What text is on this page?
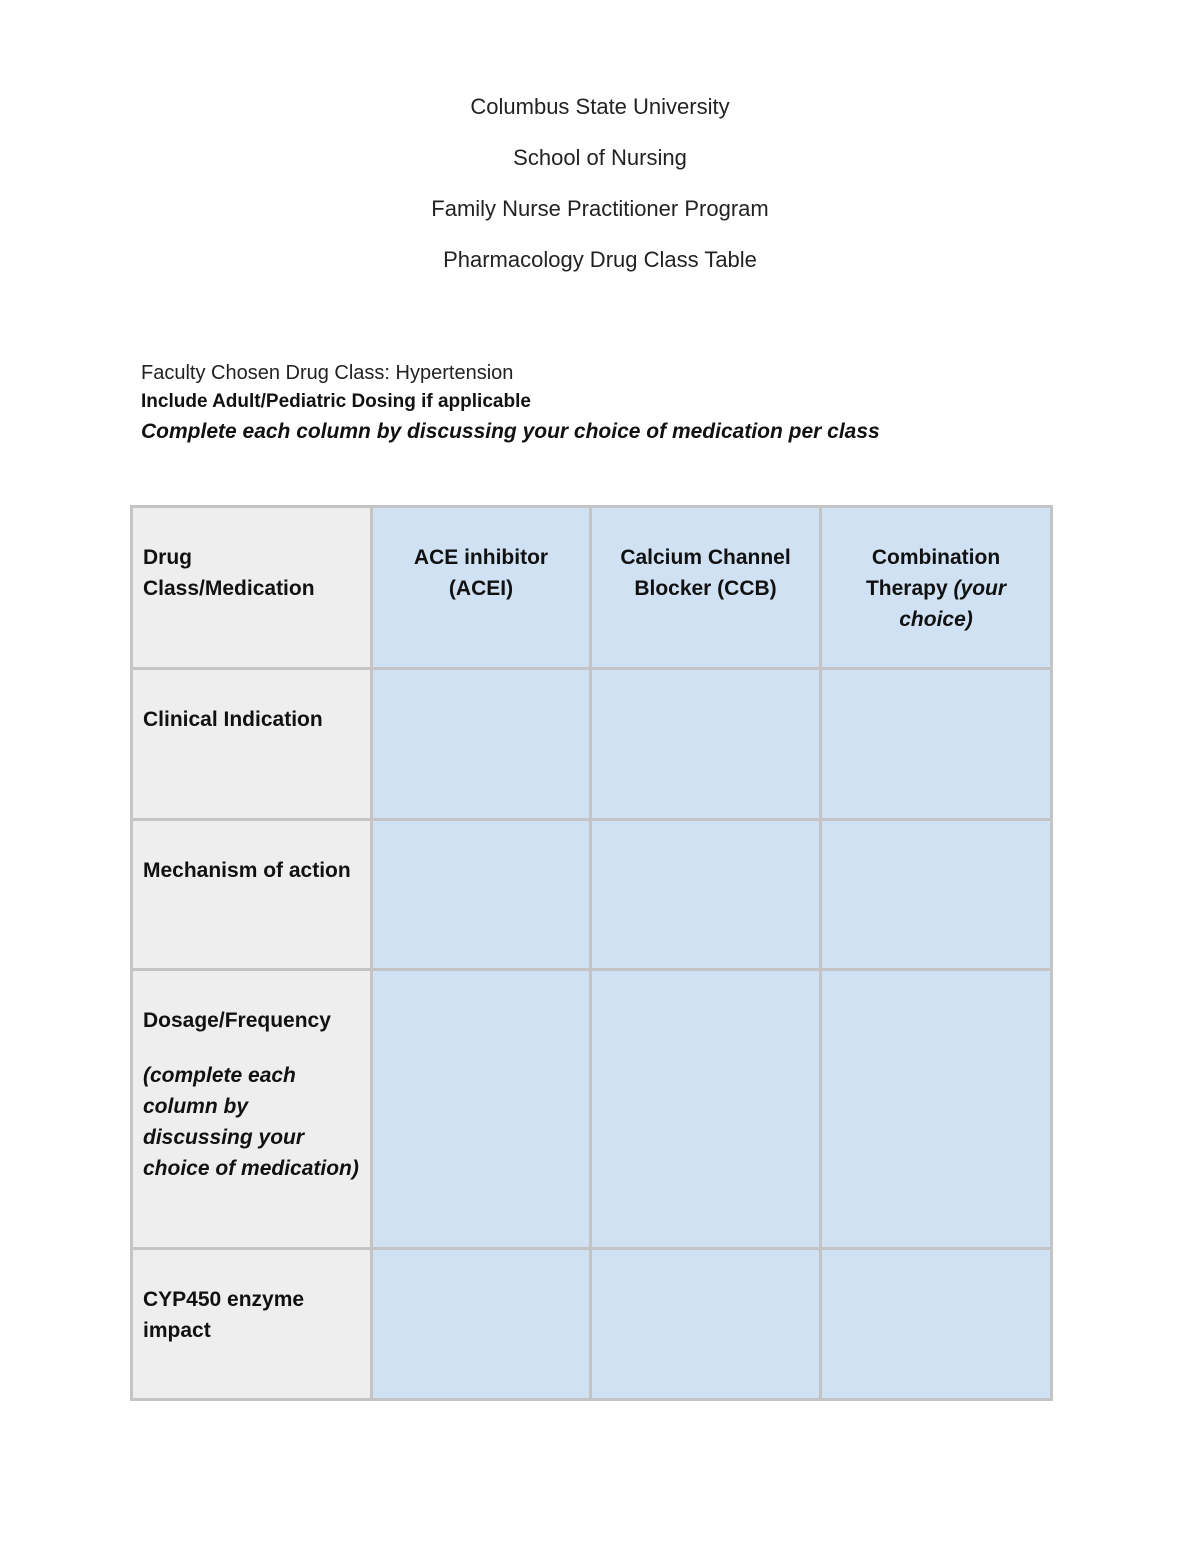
Columbus State University

School of Nursing

Family Nurse Practitioner Program

Pharmacology Drug Class Table

Faculty Chosen Drug Class: Hypertension

Include Adult/Pediatric Dosing if applicable

Complete each column by discussing your choice of medication per class

Drug Class/Medication	ACE inhibitor (ACEI)	Calcium Channel Blocker (CCB)	Combination Therapy (your choice)
Clinical Indication			
Mechanism of action			
Dosage/Frequency
(complete each column by discussing your choice of medication)			

CYP450 enzyme impact			
